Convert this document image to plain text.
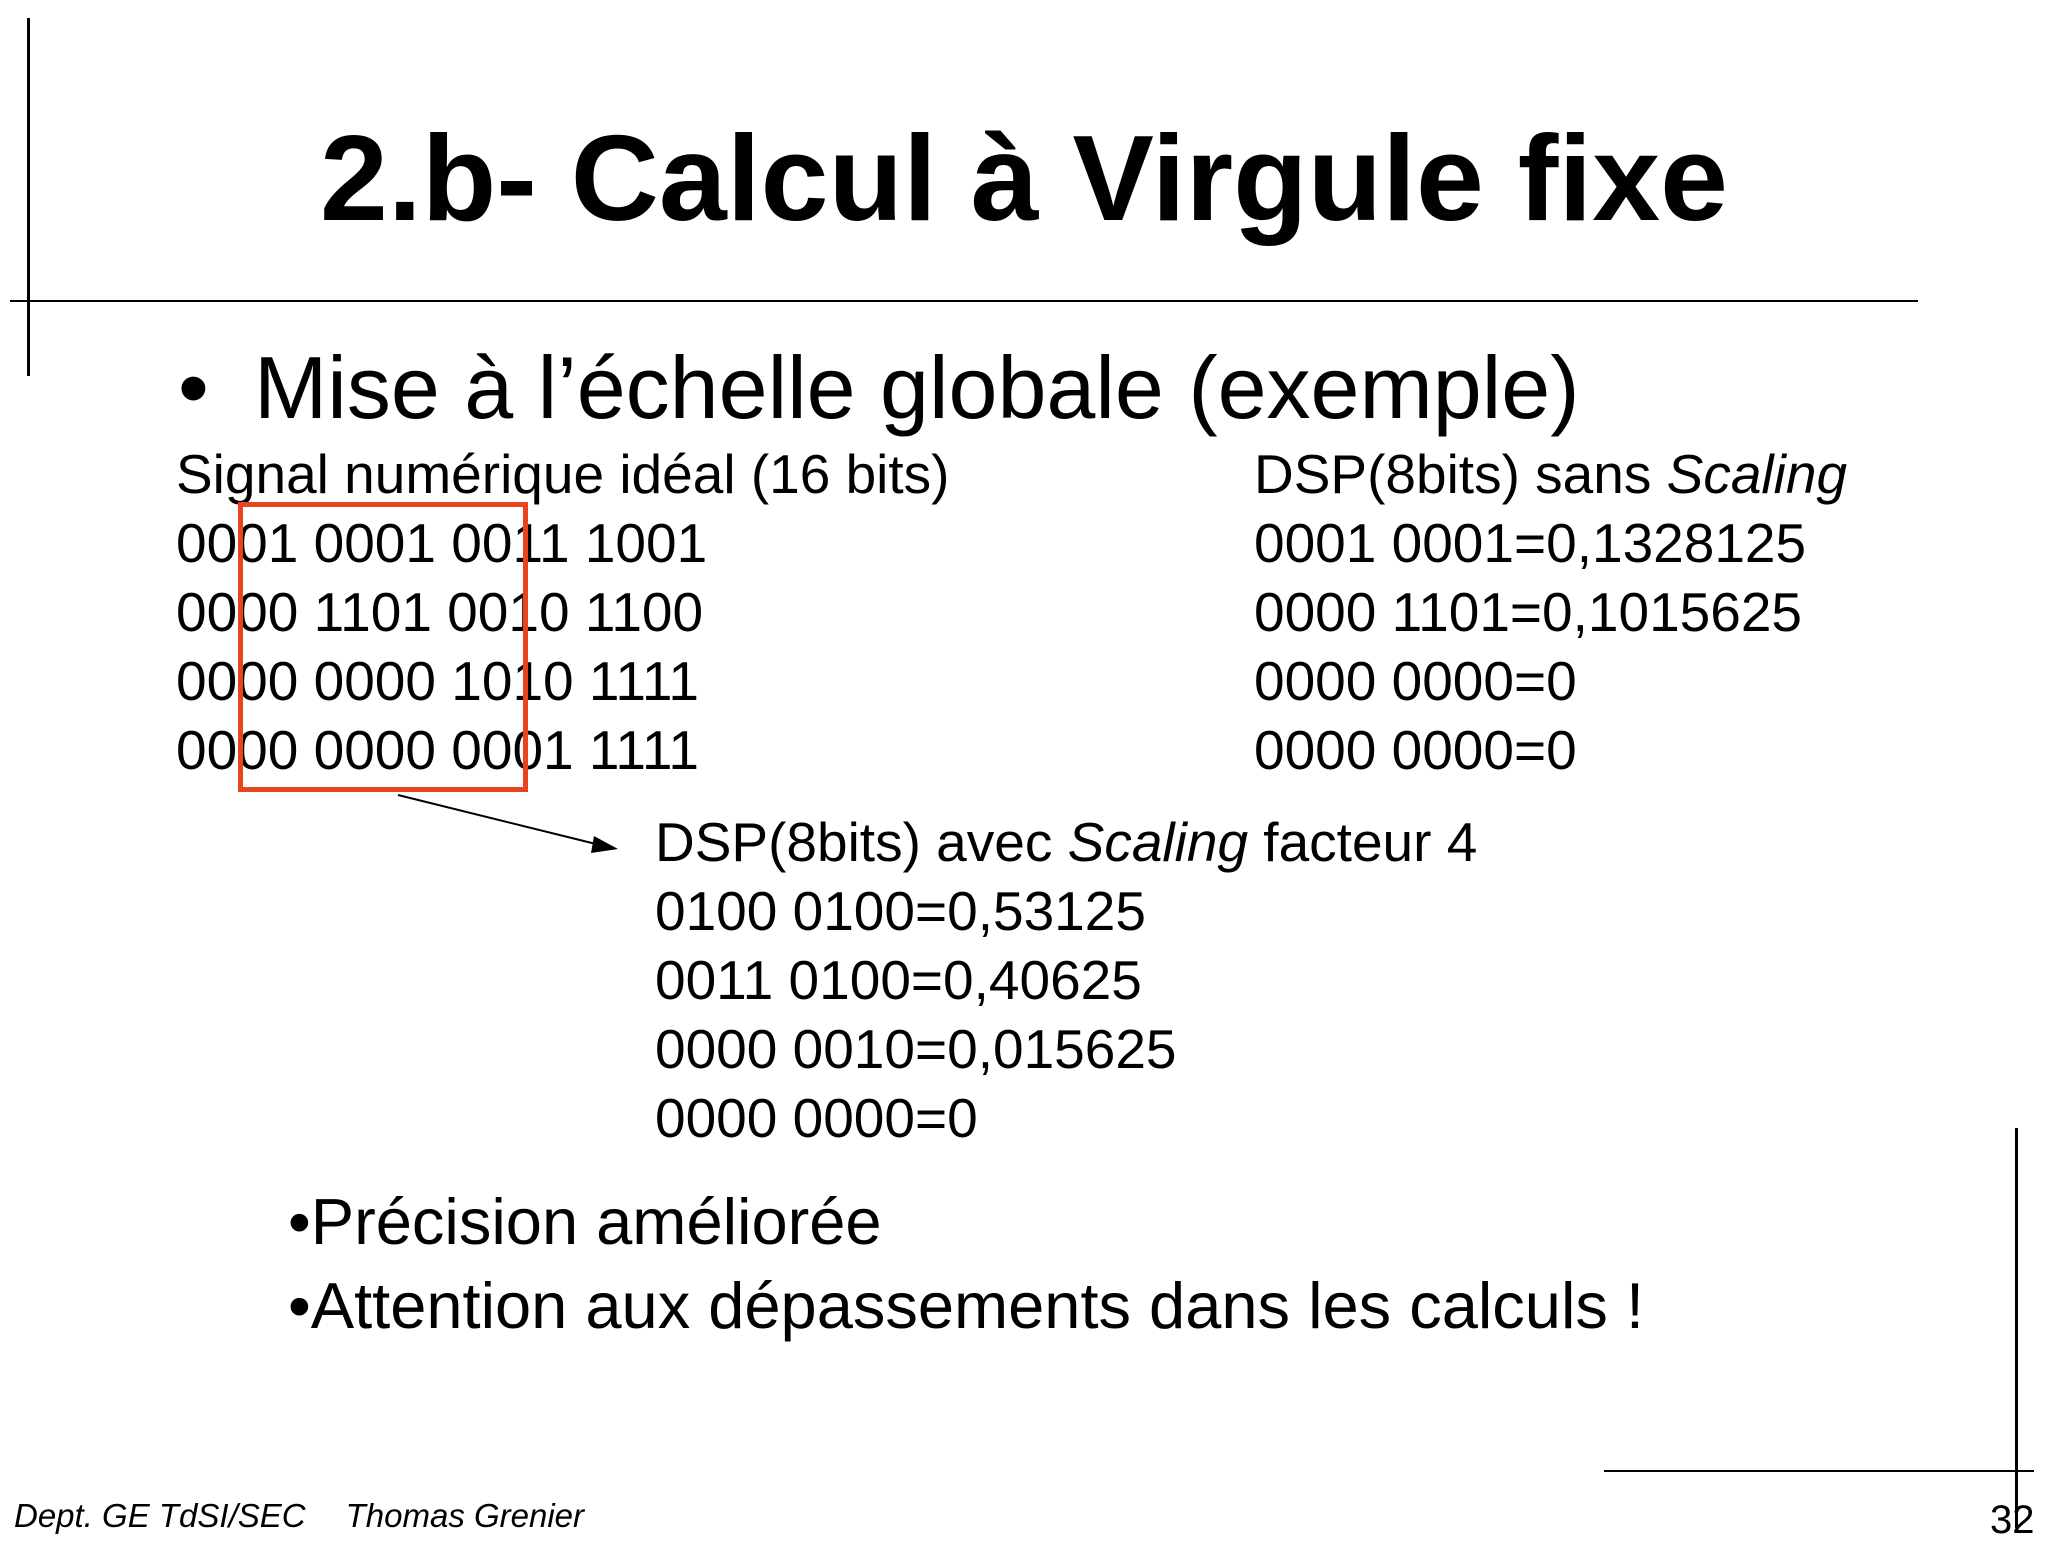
2.b- Calcul à Virgule fixe
• Mise à l’échelle globale (exemple)
Signal numérique idéal (16 bits)
0001 0001 0011 1001
0000 1101 0010 1100
0000 0000 1010 1111
0000 0000 0001 1111
DSP(8bits) sans Scaling
0001 0001=0,1328125
0000 1101=0,1015625
0000 0000=0
0000 0000=0
DSP(8bits) avec Scaling facteur 4
0100 0100=0,53125
0011 0100=0,40625
0000 0010=0,015625
0000 0000=0
•Précision améliorée
•Attention aux dépassements dans les calculs !
Dept. GE TdSI/SEC Thomas Grenier	32
